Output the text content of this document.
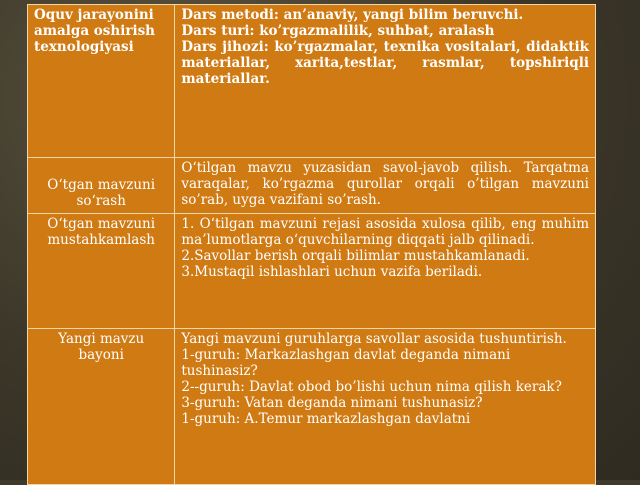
Oquv jarayonini amalga oshirish texnologiyasi	Dars metodi: an’anaviy, yangi bilim beruvchi.
Dars turi: ko’rgazmalilik, suhbat, aralash
Dars jihozi: ko’rgazmalar, texnika vositalari, didaktik materiallar, xarita,testlar, rasmlar, topshiriqli materiallar.

O‘tgan mavzuni so‘rash	O‘tilgan mavzu yuzasidan savol-javob qilish. Tarqatma varaqalar, ko’rgazma qurollar orqali o’tilgan mavzuni so’rab, uyga vazifani so’rash.

O‘tgan mavzuni mustahkamlash	1. O‘tilgan mavzuni rejasi asosida xulosa qilib, eng muhim ma’lumotlarga o‘quvchilarning diqqati jalb qilinadi.
2.Savollar berish orqali bilimlar mustahkamlanadi.
3.Mustaqil ishlashlari uchun vazifa beriladi.

Yangi mavzu bayoni	Yangi mavzuni guruhlarga savollar asosida tushuntirish.
1-guruh: Markazlashgan davlat deganda nimani tushinasiz?
2--guruh: Davlat obod bo’lishi uchun nima qilish kerak?
3-guruh: Vatan deganda nimani tushunasiz?
1-guruh: A.Temur markazlashgan davlatni
